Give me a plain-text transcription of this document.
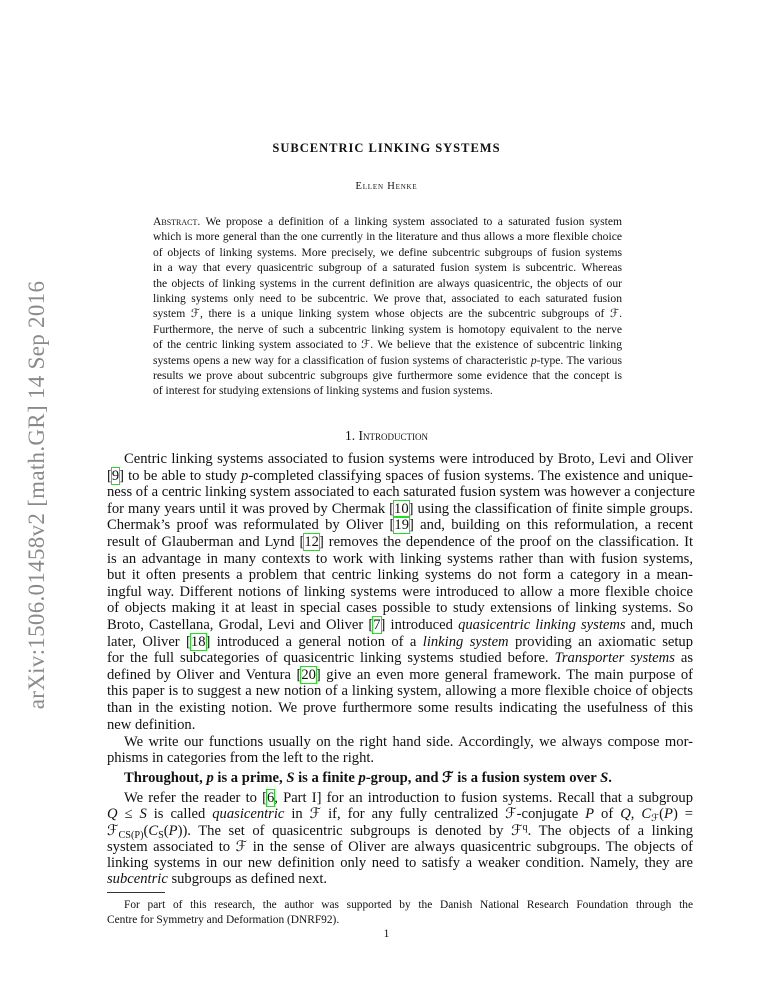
arXiv:1506.01458v2 [math.GR] 14 Sep 2016
SUBCENTRIC LINKING SYSTEMS
Ellen Henke
Abstract. We propose a definition of a linking system associated to a saturated fusion system
which is more general than the one currently in the literature and thus allows a more flexible choice
of objects of linking systems. More precisely, we define subcentric subgroups of fusion systems
in a way that every quasicentric subgroup of a saturated fusion system is subcentric. Whereas
the objects of linking systems in the current definition are always quasicentric, the objects of our
linking systems only need to be subcentric. We prove that, associated to each saturated fusion
system ℱ, there is a unique linking system whose objects are the subcentric subgroups of ℱ.
Furthermore, the nerve of such a subcentric linking system is homotopy equivalent to the nerve
of the centric linking system associated to ℱ. We believe that the existence of subcentric linking
systems opens a new way for a classification of fusion systems of characteristic p-type. The various
results we prove about subcentric subgroups give furthermore some evidence that the concept is
of interest for studying extensions of linking systems and fusion systems.
1. Introduction
Centric linking systems associated to fusion systems were introduced by Broto, Levi and Oliver
[9] to be able to study p-completed classifying spaces of fusion systems. The existence and unique-
ness of a centric linking system associated to each saturated fusion system was however a conjecture
for many years until it was proved by Chermak [10] using the classification of finite simple groups.
Chermak’s proof was reformulated by Oliver [19] and, building on this reformulation, a recent
result of Glauberman and Lynd [12] removes the dependence of the proof on the classification. It
is an advantage in many contexts to work with linking systems rather than with fusion systems,
but it often presents a problem that centric linking systems do not form a category in a mean-
ingful way. Different notions of linking systems were introduced to allow a more flexible choice
of objects making it at least in special cases possible to study extensions of linking systems. So
Broto, Castellana, Grodal, Levi and Oliver [7] introduced quasicentric linking systems and, much
later, Oliver [18] introduced a general notion of a linking system providing an axiomatic setup
for the full subcategories of quasicentric linking systems studied before. Transporter systems as
defined by Oliver and Ventura [20] give an even more general framework. The main purpose of
this paper is to suggest a new notion of a linking system, allowing a more flexible choice of objects
than in the existing notion. We prove furthermore some results indicating the usefulness of this
new definition.
We write our functions usually on the right hand side. Accordingly, we always compose mor-
phisms in categories from the left to the right.
Throughout, p is a prime, S is a finite p-group, and ℱ is a fusion system over S.
We refer the reader to [6, Part I] for an introduction to fusion systems. Recall that a subgroup
Q ≤ S is called quasicentric in ℱ if, for any fully centralized ℱ-conjugate P of Q, $C_ℱ(P)$ =
$ℱ_{CS(P)}(C_S(P))$. The set of quasicentric subgroups is denoted by ℱ$^q$. The objects of a linking
system associated to ℱ in the sense of Oliver are always quasicentric subgroups. The objects of
linking systems in our new definition only need to satisfy a weaker condition. Namely, they are
subcentric subgroups as defined next.
For part of this research, the author was supported by the Danish National Research Foundation through the
Centre for Symmetry and Deformation (DNRF92).
1
